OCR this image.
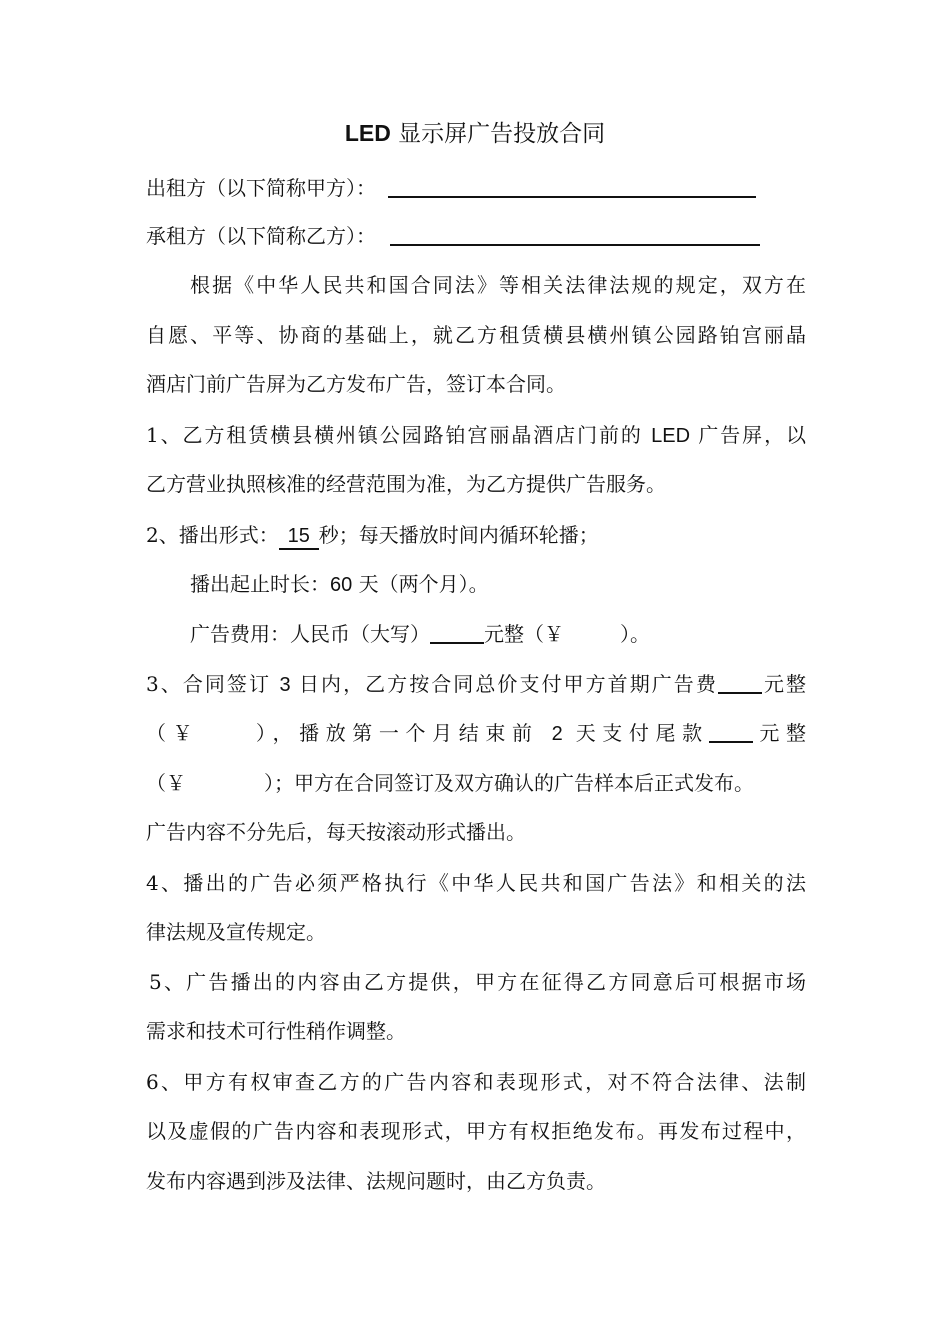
LED 显示屏广告投放合同
出租方（以下简称甲方）：
承租方（以下简称乙方）：
根据《中华人民共和国合同法》等相关法律法规的规定，双方在
自愿、平等、协商的基础上，就乙方租赁横县横州镇公园路铂宫丽晶
酒店门前广告屏为乙方发布广告，签订本合同。
1、乙方租赁横县横州镇公园路铂宫丽晶酒店门前的 LED 广告屏，以
乙方营业执照核准的经营范围为准，为乙方提供广告服务。
2、播出形式： 15 秒；每天播放时间内循环轮播；
播出起止时长：60 天（两个月）。
广告费用：人民币（大写）	元整（￥	）。
3、合同签订 3 日内，乙方按合同总价支付甲方首期广告费 元整
（￥	），播放第一个月结束前 2 天支付尾款 元整
（￥	）；甲方在合同签订及双方确认的广告样本后正式发布。
广告内容不分先后，每天按滚动形式播出。
4、播出的广告必须严格执行《中华人民共和国广告法》和相关的法
律法规及宣传规定。
5、广告播出的内容由乙方提供，甲方在征得乙方同意后可根据市场
需求和技术可行性稍作调整。
6、甲方有权审查乙方的广告内容和表现形式，对不符合法律、法制
以及虚假的广告内容和表现形式，甲方有权拒绝发布。再发布过程中，
发布内容遇到涉及法律、法规问题时，由乙方负责。
